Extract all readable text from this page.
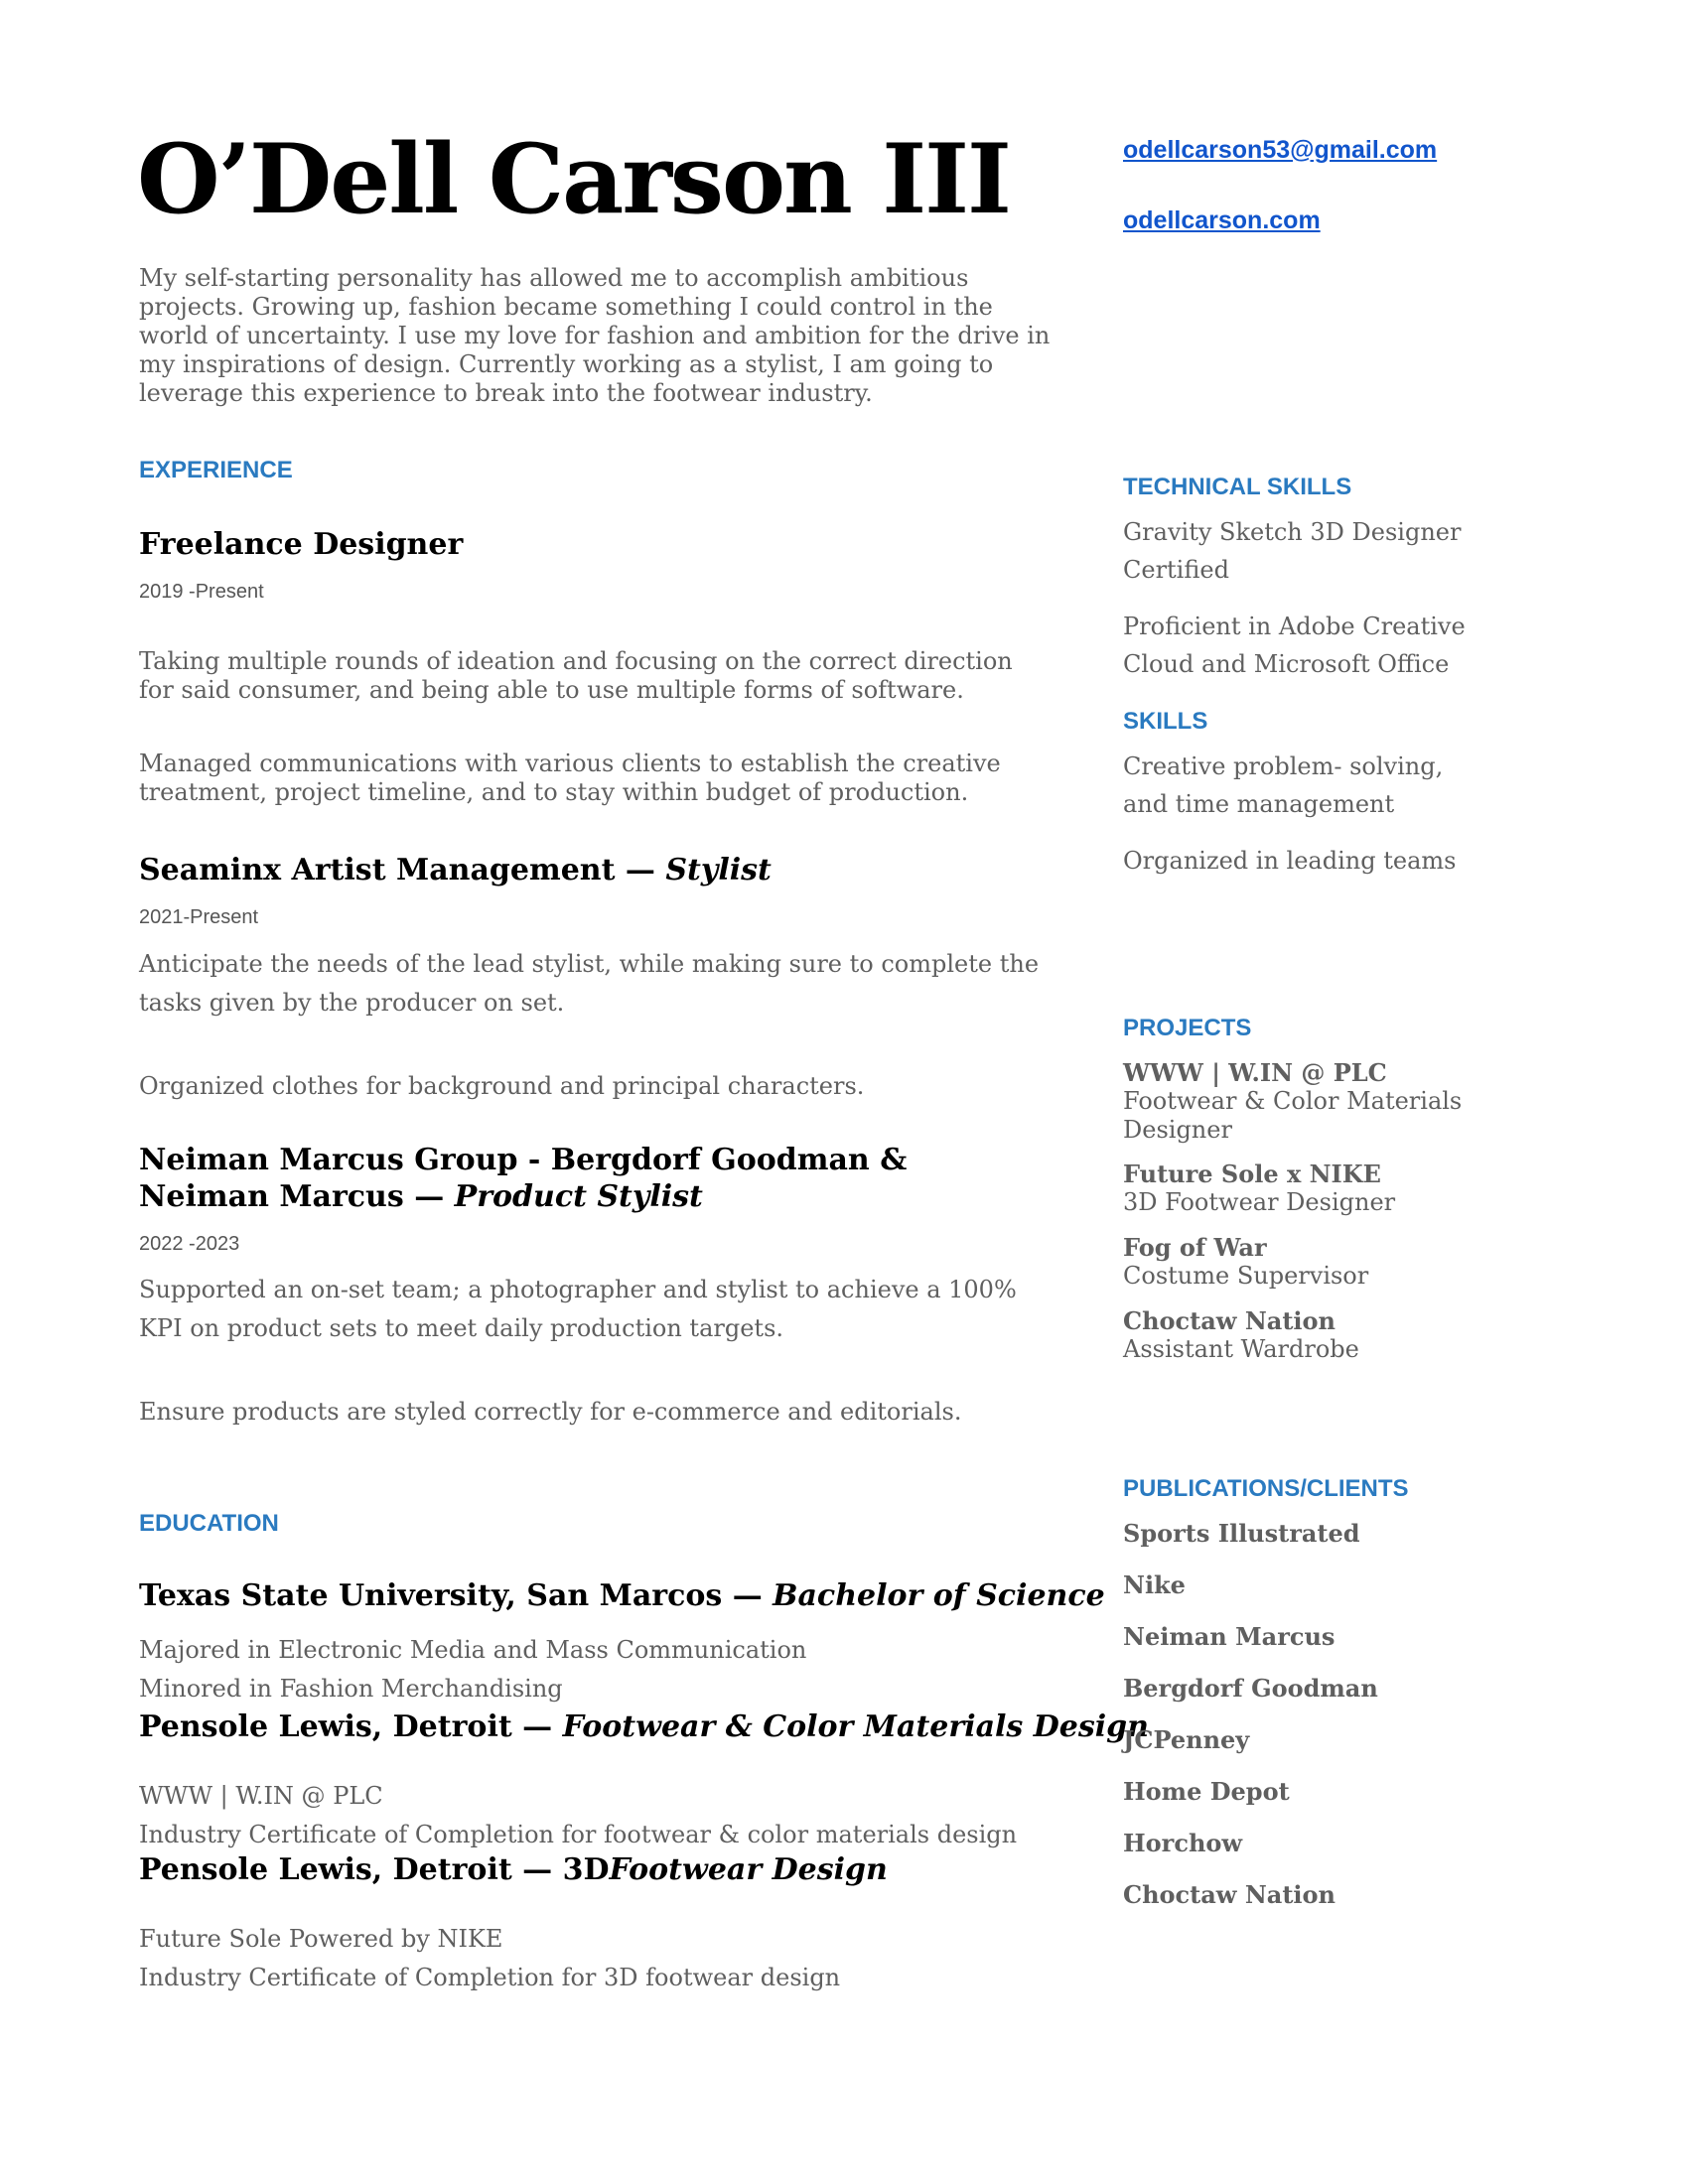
O’Dell Carson III

My self-starting personality has allowed me to accomplish ambitious projects. Growing up, fashion became something I could control in the world of uncertainty. I use my love for fashion and ambition for the drive in my inspirations of design. Currently working as a stylist, I am going to leverage this experience to break into the footwear industry.

odellcarson53@gmail.com
odellcarson.com
EXPERIENCE
Freelance Designer
2019 -Present

Taking multiple rounds of ideation and focusing on the correct direction for said consumer, and being able to use multiple forms of software.

Managed communications with various clients to establish the creative treatment, project timeline, and to stay within budget of production.

Seaminx Artist Management — Stylist
2021-Present

Anticipate the needs of the lead stylist, while making sure to complete the tasks given by the producer on set.

Organized clothes for background and principal characters.

Neiman Marcus Group - Bergdorf Goodman & Neiman Marcus — Product Stylist
2022 -2023

Supported an on-set team; a photographer and stylist to achieve a 100% KPI on product sets to meet daily production targets.

Ensure products are styled correctly for e-commerce and editorials.

EDUCATION
Texas State University, San Marcos — Bachelor of Science

Majored in Electronic Media and Mass Communication

Minored in Fashion Merchandising

Pensole Lewis, Detroit — Footwear & Color Materials Design

WWW | W.IN @ PLC

Industry Certificate of Completion for footwear & color materials design

Pensole Lewis, Detroit — 3DFootwear Design

Future Sole Powered by NIKE

Industry Certificate of Completion for 3D footwear design

TECHNICAL SKILLS

Gravity Sketch 3D Designer Certified

Proficient in Adobe Creative Cloud and Microsoft Office

SKILLS

Creative problem- solving, and time management

Organized in leading teams

PROJECTS

WWW | W.IN @ PLC

Footwear & Color Materials Designer

Future Sole x NIKE

3D Footwear Designer

Fog of War

Costume Supervisor

Choctaw Nation

Assistant Wardrobe

PUBLICATIONS/CLIENTS
Sports Illustrated
Nike
Neiman Marcus
Bergdorf Goodman
JCPenney
Home Depot
Horchow
Choctaw Nation
